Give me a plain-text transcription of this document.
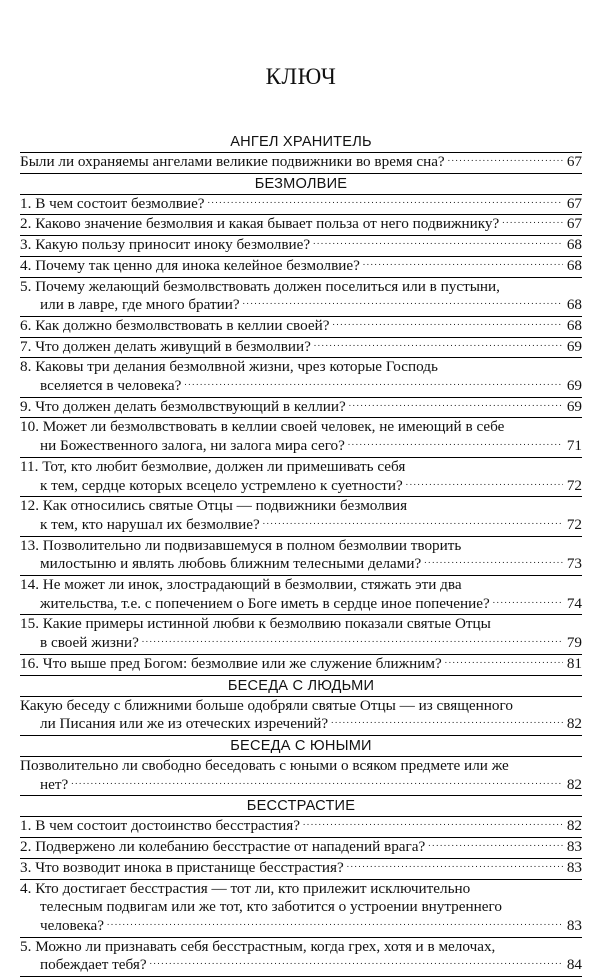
КЛЮЧ
АНГЕЛ ХРАНИТЕЛЬ
Были ли охраняемы ангелами великие подвижники во время сна? . . .	67
БЕЗМОЛВИЕ
1. В чем состоит безмолвие? . . .	67
2. Каково значение безмолвия и какая бывает польза от него подвижнику? . . .	67
3. Какую пользу приносит иноку безмолвие? . . .	68
4. Почему так ценно для инока келейное безмолвие? . . .	68
5. Почему желающий безмолвствовать должен поселиться или в пустыни,
или в лавре, где много братии? . . .	68
6. Как должно безмолвствовать в келлии своей? . . .	68
7. Что должен делать живущий в безмолвии? . . .	69
8. Каковы три делания безмолвной жизни, чрез которые Господь
вселяется в человека? . . .	69
9. Что должен делать безмолвствующий в келлии? . . .	69
10. Может ли безмолвствовать в келлии своей человек, не имеющий в себе
ни Божественного залога, ни залога мира сего? . . .	71
11. Тот, кто любит безмолвие, должен ли примешивать себя
к тем, сердце которых всецело устремлено к суетности? . . .	72
12. Как относились святые Отцы — подвижники безмолвия
к тем, кто нарушал их безмолвие? . . .	72
13. Позволительно ли подвизавшемуся в полном безмолвии творить
милостыню и являть любовь ближним телесными делами? . . .	73
14. Не может ли инок, злострадающий в безмолвии, стяжать эти два
жительства, т.е. с попечением о Боге иметь в сердце иное попечение? . . .	74
15. Какие примеры истинной любви к безмолвию показали святые Отцы
в своей жизни? . . .	79
16. Что выше пред Богом: безмолвие или же служение ближним? . . .	81
БЕСЕДА С ЛЮДЬМИ
Какую беседу с ближними больше одобряли святые Отцы — из священного
ли Писания или же из отеческих изречений? . . .	82
БЕСЕДА С ЮНЫМИ
Позволительно ли свободно беседовать с юными о всяком предмете или же
нет? . . .	82
БЕССТРАСТИЕ
1. В чем состоит достоинство бесстрастия? . . .	82
2. Подвержено ли колебанию бесстрастие от нападений врага? . . .	83
3. Что возводит инока в пристанище бесстрастия? . . .	83
4. Кто достигает бесстрастия — тот ли, кто прилежит исключительно
телесным подвигам или же тот, кто заботится о устроении внутреннего
человека? . . .	83
5. Можно ли признавать себя бесстрастным, когда грех, хотя и в мелочах,
побеждает тебя? . . .	84
